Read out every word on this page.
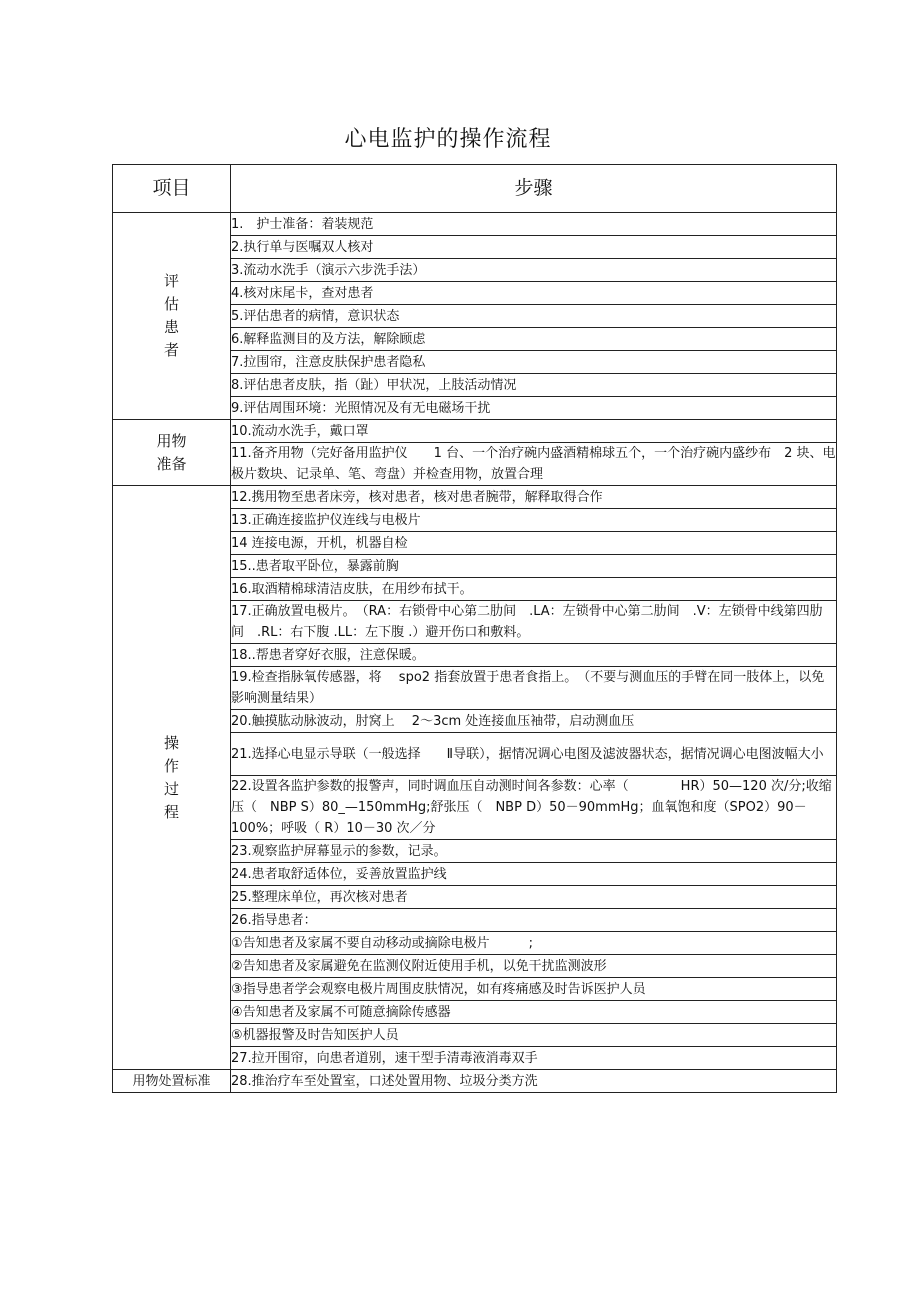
心电监护的操作流程
项目	步骤
评估患者	1.　护士准备：着装规范
	2.执行单与医嘱双人核对
	3.流动水洗手（演示六步洗手法）
	4.核对床尾卡，查对患者
	5.评估患者的病情，意识状态
	6.解释监测目的及方法，解除顾虑
	7.拉围帘，注意皮肤保护患者隐私
	8.评估患者皮肤，指（趾）甲状况，上肢活动情况
	9.评估周围环境：光照情况及有无电磁场干扰
用物准备	10.流动水洗手，戴口罩
	11.备齐用物（完好备用监护仪　　1 台、一个治疗碗内盛酒精棉球五个，一个治疗碗内盛纱布　2 块、电极片数块、记录单、笔、弯盘）并检查用物，放置合理
操作过程	12.携用物至患者床旁，核对患者，核对患者腕带，解释取得合作
	13.正确连接监护仪连线与电极片
	14 连接电源，开机，机器自检
	15..患者取平卧位，暴露前胸
	16.取酒精棉球清洁皮肤，在用纱布拭干。
	17.正确放置电极片。　（RA：右锁骨中心第二肋间　.LA：左锁骨中心第二肋间　.V：左锁骨中线第四肋间　.RL：右下腹 .LL：左下腹 .）避开伤口和敷料。
	18..帮患者穿好衣服，注意保暖。
	19.检查指脉氧传感器，将　 spo2 指套放置于患者食指上。　（不要与测血压的手臂在同一肢体上，以免影响测量结果）
	20.触摸肱动脉波动，肘窝上　 2～3cm 处连接血压袖带，启动测血压
	21.选择心电显示导联（一般选择　　Ⅱ导联），据情况调心电图及滤波器状态，据情况调心电图波幅大小
	22.设置各监护参数的报警声，同时调血压自动测时间各参数：心率（　　　　HR）50—120 次/分;收缩压（　NBP S）80_—150mmHg;舒张压（　NBP D）50－90mmHg；血氧饱和度（SPO2）90－100%；呼吸（ R）10－30 次／分
	23.观察监护屏幕显示的参数，记录。
	24.患者取舒适体位，妥善放置监护线
	25.整理床单位，再次核对患者
	26.指导患者：
	①告知患者及家属不要自动移动或摘除电极片　　　;
	②告知患者及家属避免在监测仪附近使用手机，以免干扰监测波形
	③指导患者学会观察电极片周围皮肤情况，如有疼痛感及时告诉医护人员
	④告知患者及家属不可随意摘除传感器
	⑤机器报警及时告知医护人员
	27.拉开围帘，向患者道别，速干型手清毒液消毒双手
用物处置标准	28.推治疗车至处置室，口述处置用物、垃圾分类方洗
